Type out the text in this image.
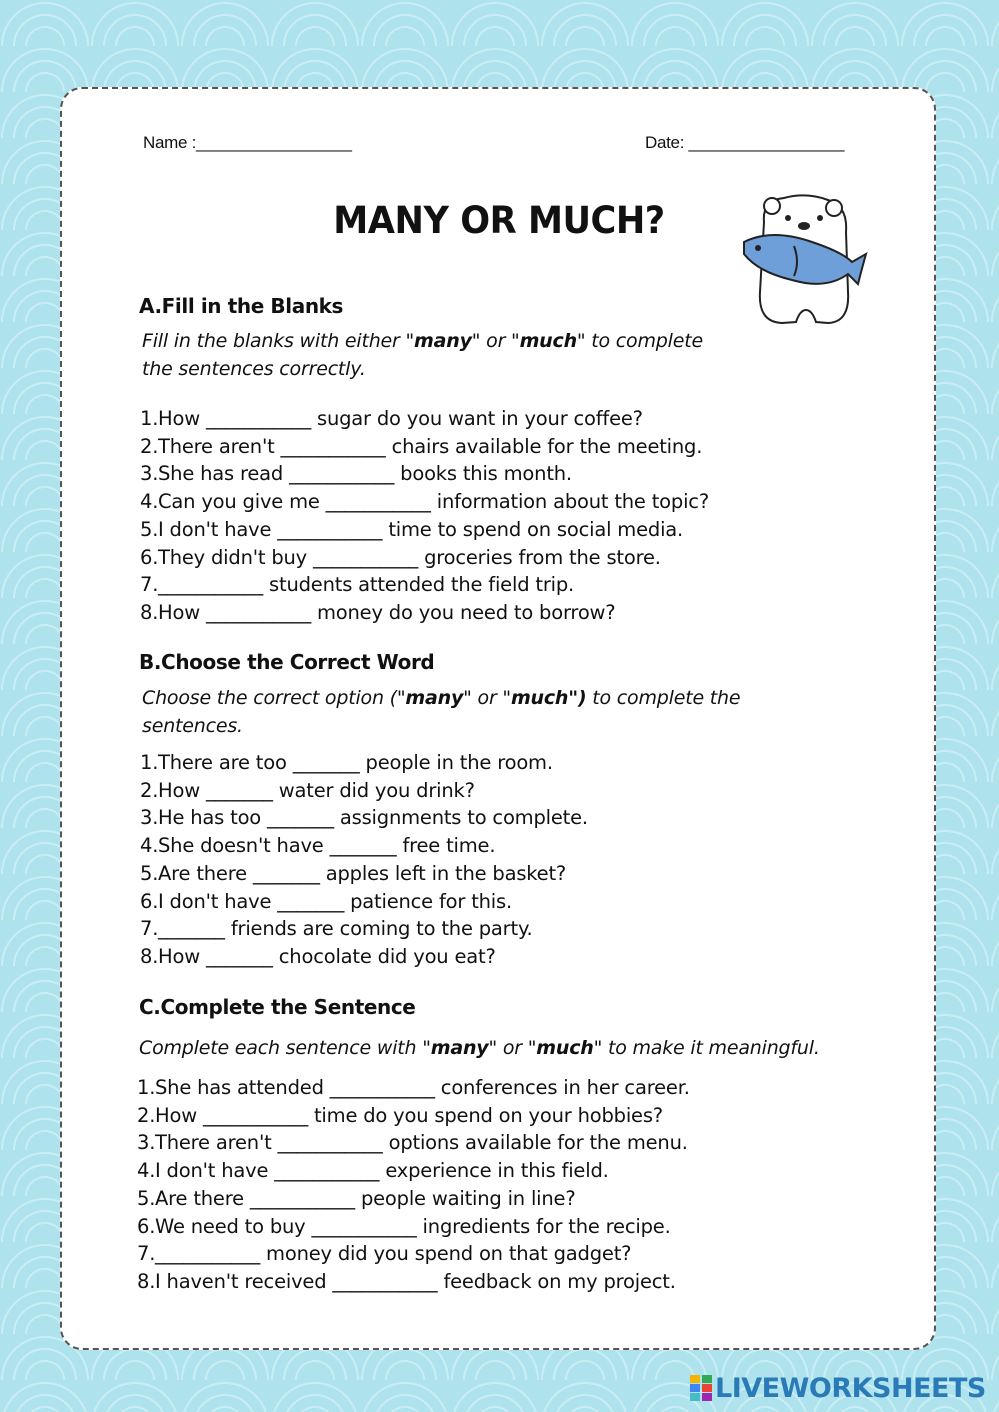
Name :_________________	Date: _________________
MANY OR MUCH?
A.Fill in the Blanks
Fill in the blanks with either "many" or "much" to complete
the sentences correctly.
1.How ___________ sugar do you want in your coffee?
2.There aren't ___________ chairs available for the meeting.
3.She has read ___________ books this month.
4.Can you give me ___________ information about the topic?
5.I don't have ___________ time to spend on social media.
6.They didn't buy ___________ groceries from the store.
7.___________ students attended the field trip.
8.How ___________ money do you need to borrow?
B.Choose the Correct Word
Choose the correct option ("many" or "much") to complete the
sentences.
1.There are too _______ people in the room.
2.How _______ water did you drink?
3.He has too _______ assignments to complete.
4.She doesn't have _______ free time.
5.Are there _______ apples left in the basket?
6.I don't have _______ patience for this.
7._______ friends are coming to the party.
8.How _______ chocolate did you eat?
C.Complete the Sentence
Complete each sentence with "many" or "much" to make it meaningful.
1.She has attended ___________ conferences in her career.
2.How ___________ time do you spend on your hobbies?
3.There aren't ___________ options available for the menu.
4.I don't have ___________ experience in this field.
5.Are there ___________ people waiting in line?
6.We need to buy ___________ ingredients for the recipe.
7.___________ money did you spend on that gadget?
8.I haven't received ___________ feedback on my project.
LIVEWORKSHEETS
